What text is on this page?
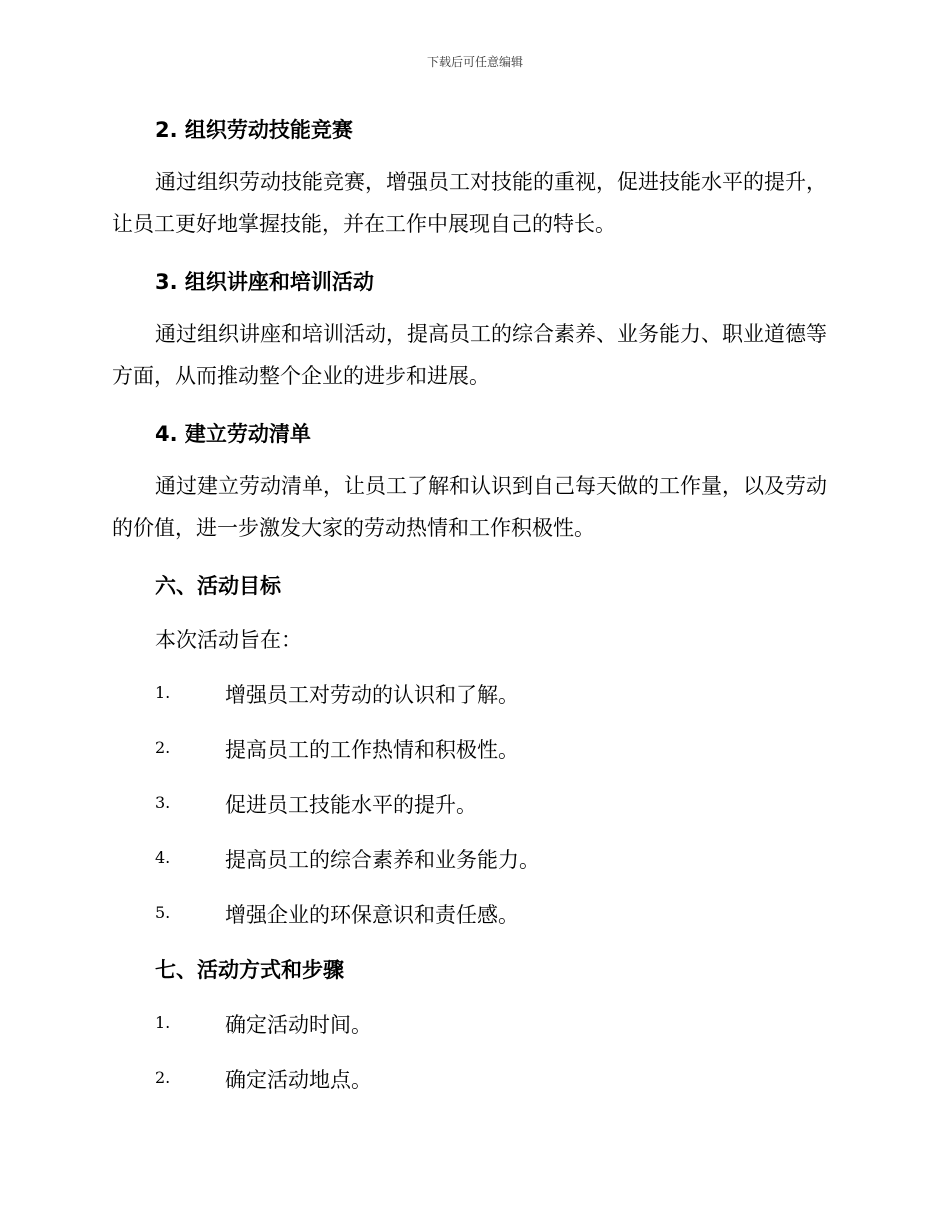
下载后可任意编辑
2. 组织劳动技能竞赛
通过组织劳动技能竞赛，增强员工对技能的重视，促进技能水平的提升，让员工更好地掌握技能，并在工作中展现自己的特长。
3. 组织讲座和培训活动
通过组织讲座和培训活动，提高员工的综合素养、业务能力、职业道德等方面，从而推动整个企业的进步和进展。
4. 建立劳动清单
通过建立劳动清单，让员工了解和认识到自己每天做的工作量，以及劳动的价值，进一步激发大家的劳动热情和工作积极性。
六、活动目标
本次活动旨在：
1.	增强员工对劳动的认识和了解。
2.	提高员工的工作热情和积极性。
3.	促进员工技能水平的提升。
4.	提高员工的综合素养和业务能力。
5.	增强企业的环保意识和责任感。
七、活动方式和步骤
1.	确定活动时间。
2.	确定活动地点。
